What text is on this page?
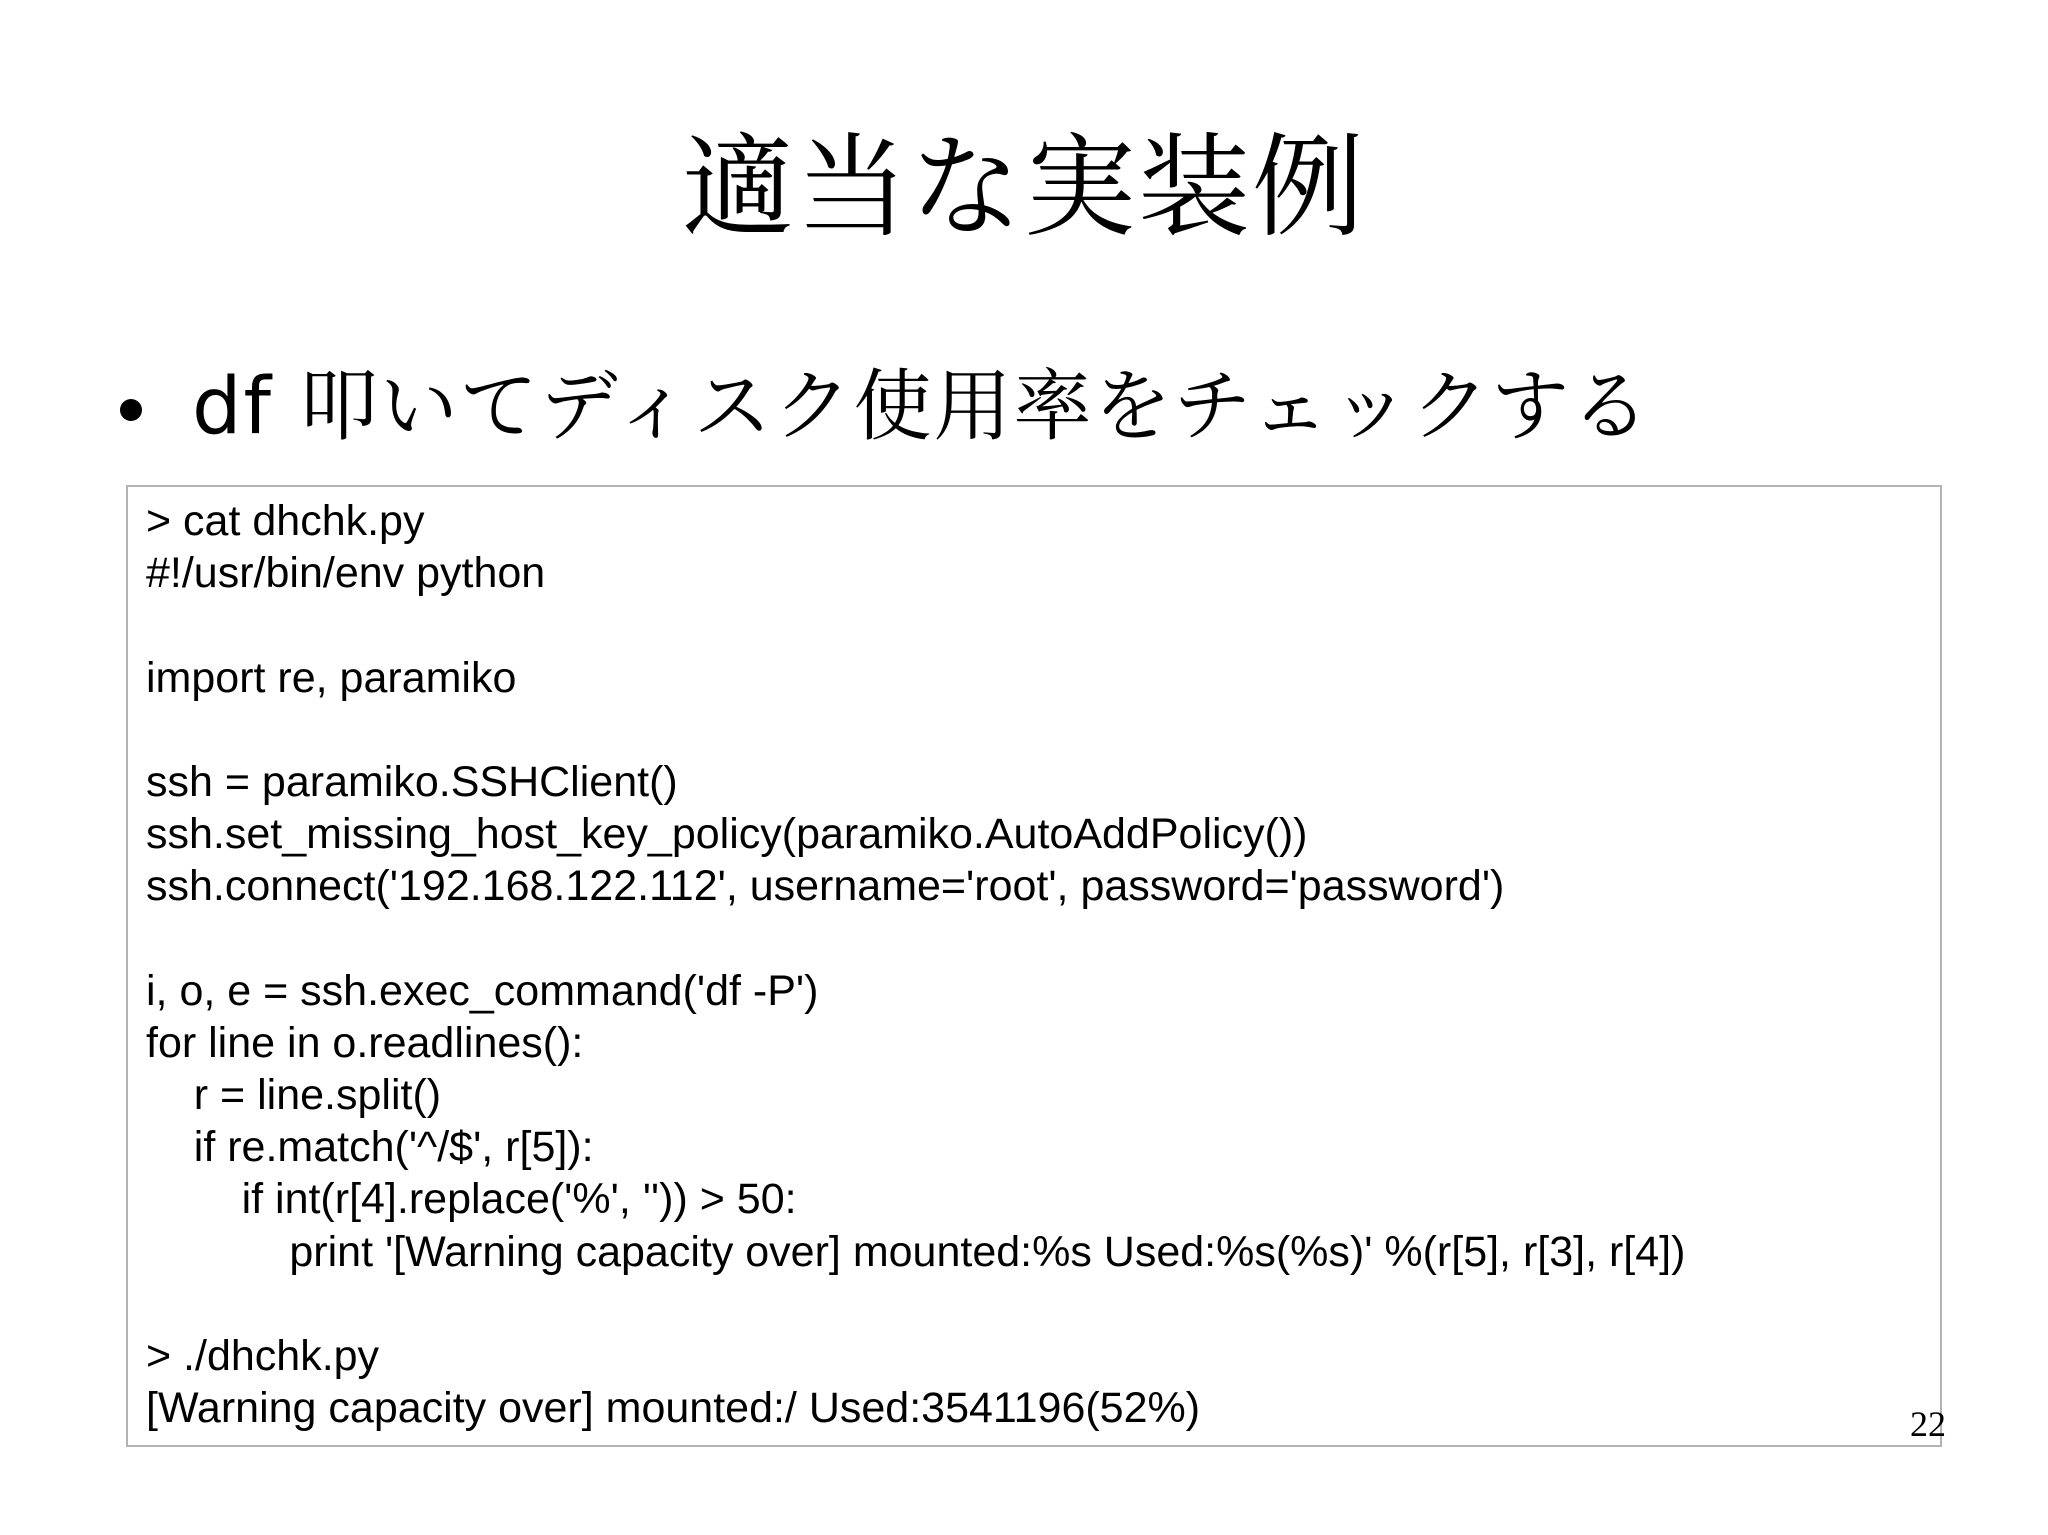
適当な実装例
df 叩いてディスク使用率をチェックする
> cat dhchk.py
#!/usr/bin/env python
import re, paramiko
ssh = paramiko.SSHClient()
ssh.set_missing_host_key_policy(paramiko.AutoAddPolicy())
ssh.connect('192.168.122.112', username='root', password='password')
i, o, e = ssh.exec_command('df -P')
for line in o.readlines():
r = line.split()
if re.match('^/$', r[5]):
if int(r[4].replace('%', '')) > 50:
print '[Warning capacity over] mounted:%s Used:%s(%s)' %(r[5], r[3], r[4])
> ./dhchk.py
[Warning capacity over] mounted:/ Used:3541196(52%)	22
